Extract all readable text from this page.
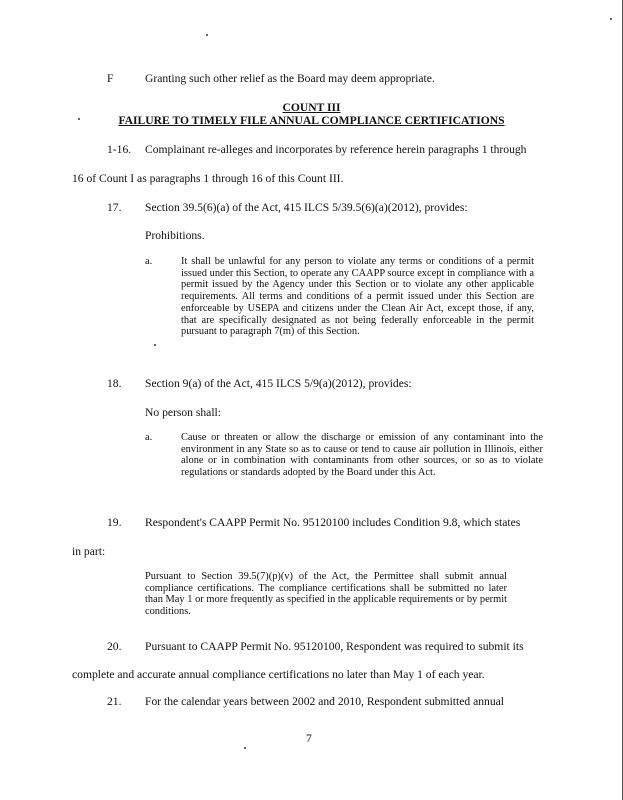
F	Granting such other relief as the Board may deem appropriate.
COUNT III
FAILURE TO TIMELY FILE ANNUAL COMPLIANCE CERTIFICATIONS
1-16. Complainant re-alleges and incorporates by reference herein paragraphs 1 through
16 of Count I as paragraphs 1 through 16 of this Count III.
17. Section 39.5(6)(a) of the Act, 415 ILCS 5/39.5(6)(a)(2012), provides:
Prohibitions.
a.	It shall be unlawful for any person to violate any terms or conditions of a permit issued under this Section, to operate any CAAPP source except in compliance with a permit issued by the Agency under this Section or to violate any other applicable requirements. All terms and conditions of a permit issued under this Section are enforceable by USEPA and citizens under the Clean Air Act, except those, if any, that are specifically designated as not being federally enforceable in the permit pursuant to paragraph 7(m) of this Section.
18. Section 9(a) of the Act, 415 ILCS 5/9(a)(2012), provides:
No person shall:
a.	Cause or threaten or allow the discharge or emission of any contaminant into the environment in any State so as to cause or tend to cause air pollution in Illinois, either alone or in combination with contaminants from other sources, or so as to violate regulations or standards adopted by the Board under this Act.
19. Respondent's CAAPP Permit No. 95120100 includes Condition 9.8, which states
in part:
Pursuant to Section 39.5(7)(p)(v) of the Act, the Permittee shall submit annual compliance certifications. The compliance certifications shall be submitted no later than May 1 or more frequently as specified in the applicable requirements or by permit conditions.
20. Pursuant to CAAPP Permit No. 95120100, Respondent was required to submit its
complete and accurate annual compliance certifications no later than May 1 of each year.
21. For the calendar years between 2002 and 2010, Respondent submitted annual
7
